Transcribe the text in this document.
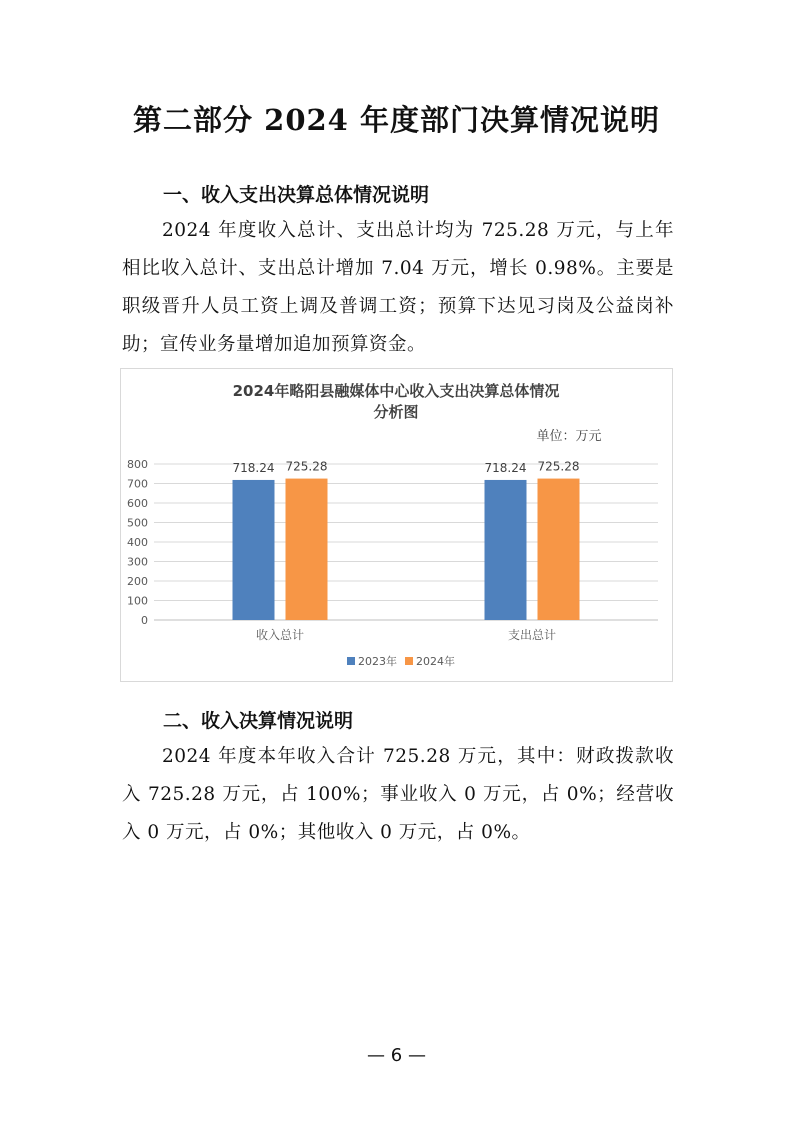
第二部分 2024 年度部门决算情况说明
一、收入支出决算总体情况说明
2024 年度收入总计、支出总计均为 725.28 万元，与上年相比收入总计、支出总计增加 7.04 万元，增长 0.98%。主要是职级晋升人员工资上调及普调工资；预算下达见习岗及公益岗补助；宣传业务量增加追加预算资金。
2024年略阳县融媒体中心收入支出决算总体情况
分析图
单位：万元
0
100
200
300
400
500
600
700
800	718.24 725.28
收入总计
718.24 725.28
支出总计
2023年 2024年
二、收入决算情况说明
2024 年度本年收入合计 725.28 万元，其中：财政拨款收入 725.28 万元，占 100%；事业收入 0 万元，占 0%；经营收入 0 万元，占 0%；其他收入 0 万元，占 0%。
— 6 —
